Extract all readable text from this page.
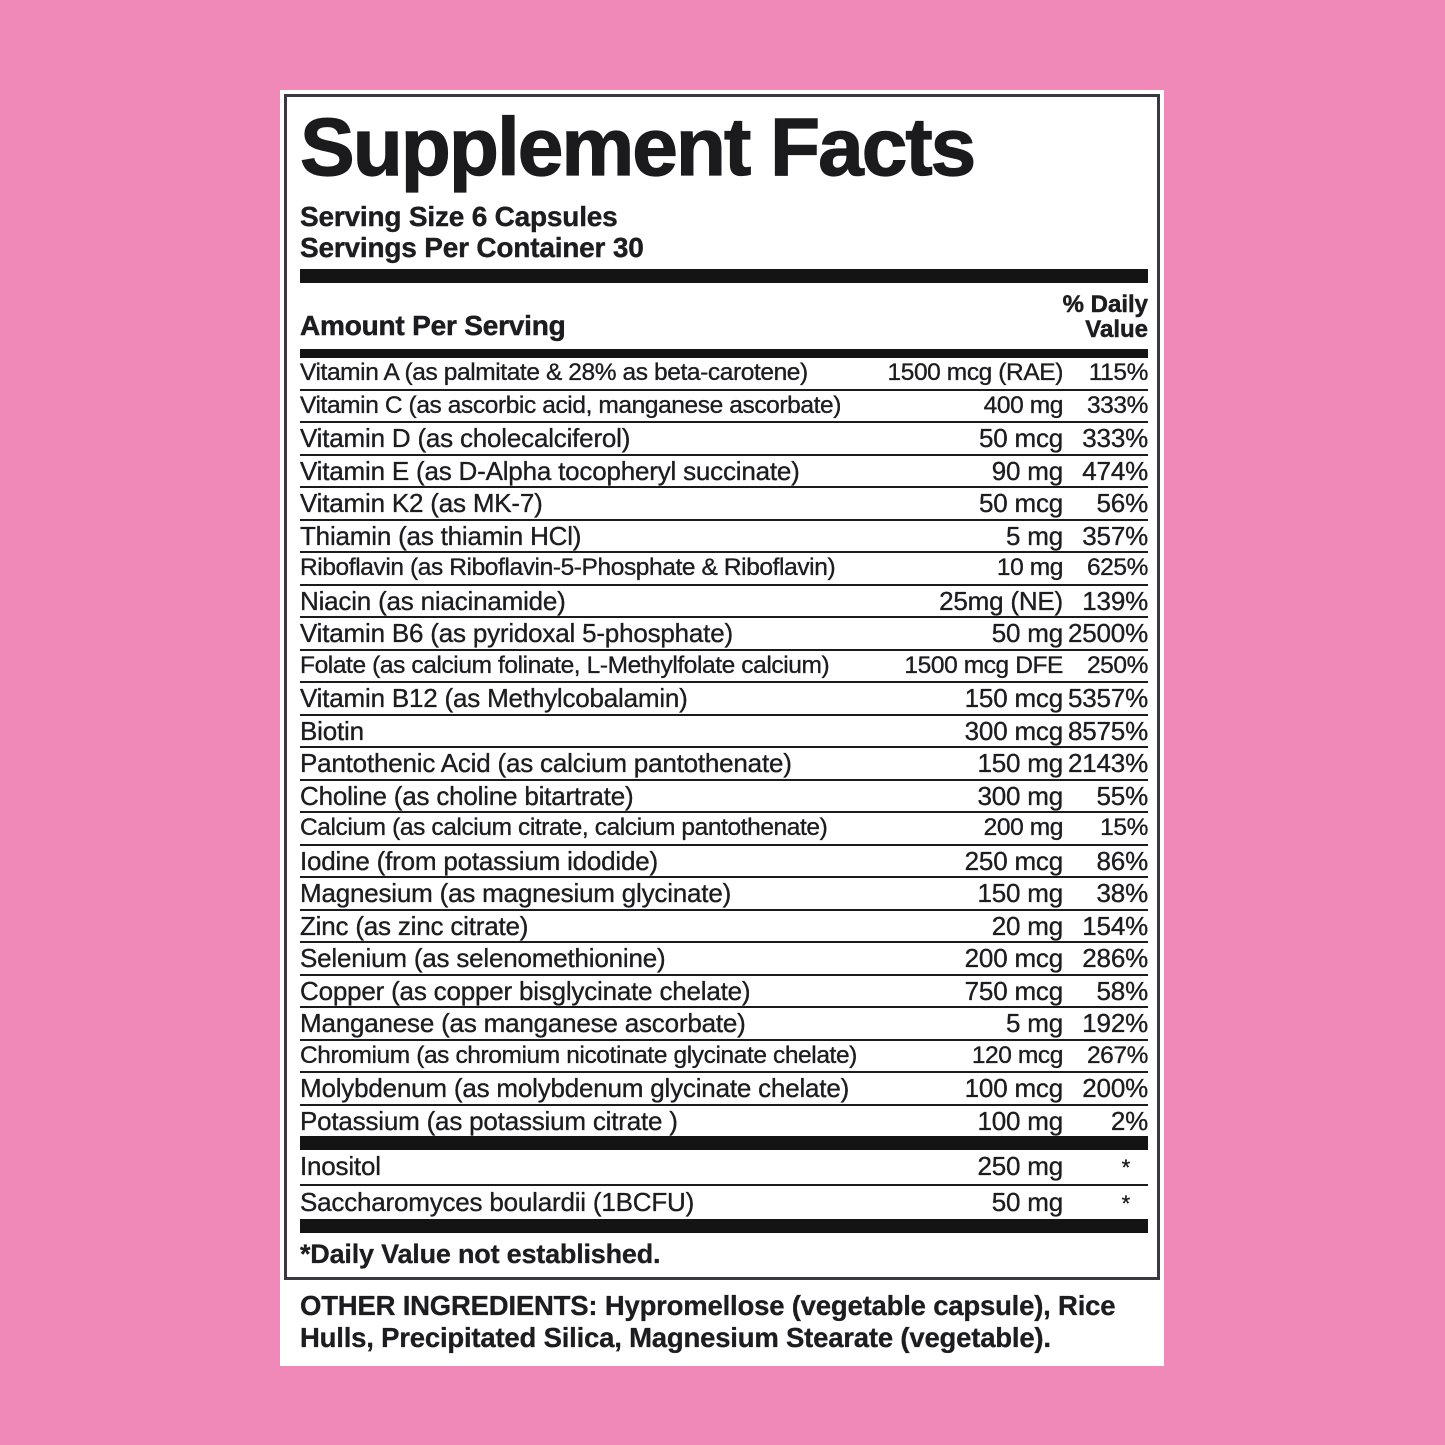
Supplement Facts
Serving Size 6 Capsules
Servings Per Container 30
Amount Per Serving
% Daily
Value
Vitamin A (as palmitate & 28% as beta-carotene)	1500 mcg (RAE)	115%
Vitamin C (as ascorbic acid, manganese ascorbate)	400 mg 333%
Vitamin D (as cholecalciferol)	50 mcg 333%
Vitamin E (as D-Alpha tocopheryl succinate)	90 mg 474%
Vitamin K2 (as MK-7)	50 mcg	56%
Thiamin (as thiamin HCl)	5 mg 357%
Riboflavin (as Riboflavin-5-Phosphate & Riboflavin)	10 mg 625%
Niacin (as niacinamide)	25mg (NE) 139%
Vitamin B6 (as pyridoxal 5-phosphate)	50 mg 2500%
Folate (as calcium folinate, L-Methylfolate calcium)	1500 mcg DFE 250%
Vitamin B12 (as Methylcobalamin)	150 mcg 5357%
Biotin	300 mcg 8575%
Pantothenic Acid (as calcium pantothenate)	150 mg 2143%
Choline (as choline bitartrate)	300 mg	55%
Calcium (as calcium citrate, calcium pantothenate)	200 mg	15%
Iodine (from potassium idodide)	250 mcg	86%
Magnesium (as magnesium glycinate)	150 mg	38%
Zinc (as zinc citrate)	20 mg 154%
Selenium (as selenomethionine)	200 mcg 286%
Copper (as copper bisglycinate chelate)	750 mcg	58%
Manganese (as manganese ascorbate)	5 mg 192%
Chromium (as chromium nicotinate glycinate chelate)	120 mcg 267%
Molybdenum (as molybdenum glycinate chelate)	100 mcg 200%
Potassium (as potassium citrate )	100 mg	2%
Inositol	250 mg	*
Saccharomyces boulardii (1BCFU)	50 mg	*
*Daily Value not established.
OTHER INGREDIENTS: Hypromellose (vegetable capsule), Rice Hulls, Precipitated Silica, Magnesium Stearate (vegetable).
